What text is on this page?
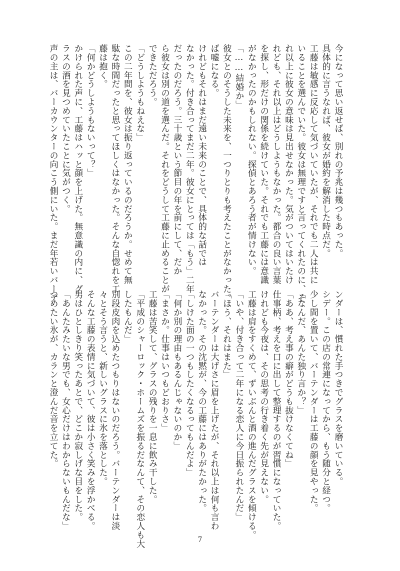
今になって思い返せば、別れの予兆は幾つもあった。
具体的に言うなれば、彼女が婚約を解消した時点だ。
工藤は敏感に反応して気づいていたが、それでも二人は共に
いることを選んでいた。彼女は無理ですと言ってくれたのに、そ
れ以上に彼女の意味は見出せなかった。気がついてはいたけ
れども、それ以上はどうしようもなかった。都合の良い言葉
を探し、形だけの関係を続けていた。それでも工藤には意識
がなかったのかもしれない。探偵とあろう者が情けない。
「……結婚か」
彼女とのそうした未来を、一つりとりも考えたことがなかった。
ば嘘になる。
けれどもそれはまだ遠い未来のことで、具体的な話では
なかった。付き合ってまだ二年。彼女にとっては「もう」二年
だったのだろう。三十歳という節目の年を前にして、だか
ら彼女は別の道を選んだ。それをどうして工藤に止めることが
できただろう。
「どうしようもねえな」
この二年間を、彼女は振り返っているのだろうか。せめて無
駄な時間だったと思ってほしくはなかった。そんな自惚れを工
藤は抱く。
「何かどうしようもないって？」
かけられた声に、工藤はハッと顔を上げた。無意識の内に、グ
ラスの酒を見つめていたことに気がつく。
声の主は、バーカウンターの向こう側にいた。まだ年若いバーテ
ンダーは、慣れた手つきでグラスを磨いている。
シデー。この店の常連になってから、もう随分と経つ。
少し間を置いて、バーテンダーは工藤の顔を見やった。
「なんだ、あんた独り言か？」
「ああ、考え事の癖がどうも抜けなくてね」
仕事柄、考えを口に出して整理するのが習慣になっていた。
けれども今夜は、その思考の行き着く先が見えない。
工藤は肩をすくめて、ずいぶんと酒の進んだグラスを傾ける。
「いや、付き合って二年になる恋人に今日振られたんだ」
「ほう、それはまた」
バーテンダーは大げさに眉を上げたが、それ以上は何も言わ
なかった。その沈黙が、今の工藤にはありがたかった。
「しけた面の一つもしたくなるってもんだよ」
「何か別の理由もあるんじゃないのか」
「まさか。仕事はいつもどおりさ」
工藤は苦笑して、グラスの残りを一息に飲み干した。
「平成のシャーロック・ホームズを振るだなんて、その恋人も大
したもんだ」
別段皮肉を込めたつもりはないのだろう。バーテンダーは淡
々とそう言うと、新しいグラスに氷を落とした。
そんな工藤の表情に気づいて、彼は小さく笑みを浮かべる。
男はひとしきり笑ったあとで、どこか寂しげな目をした。
「あんたみたいな男でも、女心だけはわからないもんだな」
つめたい氷が、カランと澄んだ音を立てた。
7
